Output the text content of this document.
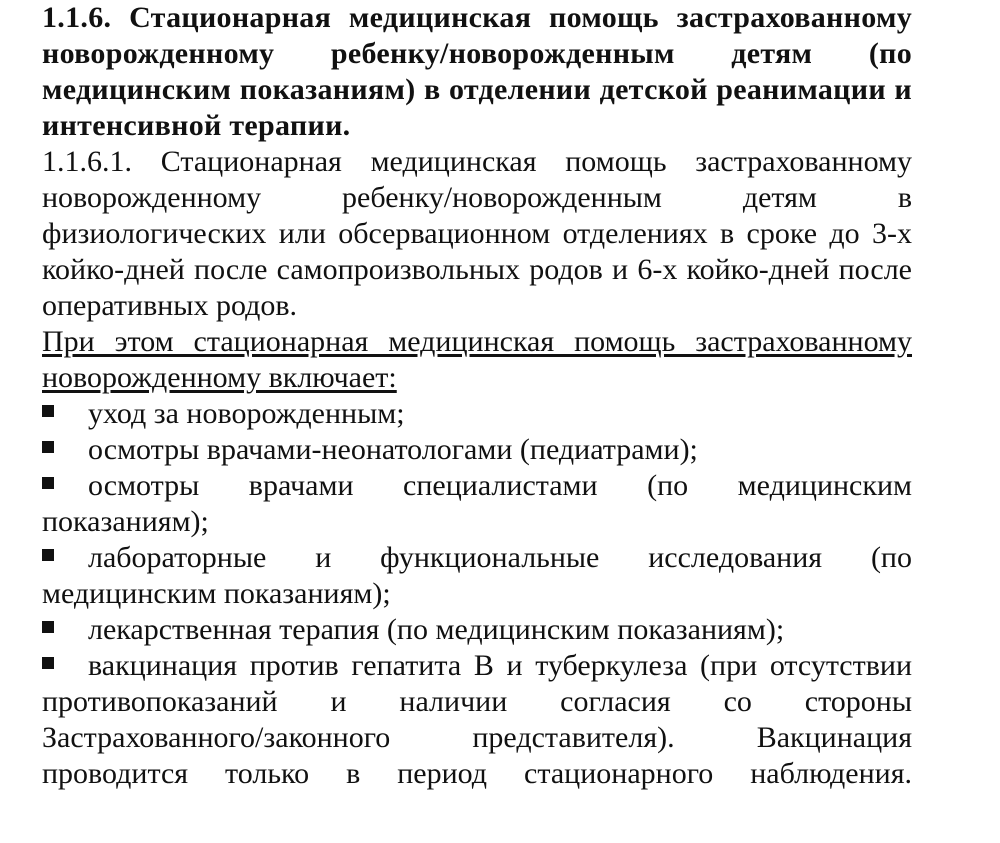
1.1.6. Стационарная медицинская помощь застрахованному новорожденному ребенку/новорожденным детям (по медицинским показаниям) в отделении детской реанимации и интенсивной терапии.

1.1.6.1. Стационарная медицинская помощь застрахованному новорожденному ребенку/новорожденным детям в физиологических или обсервационном отделениях в сроке до 3-х койко-дней после самопроизвольных родов и 6-х койко-дней после оперативных родов.

При этом стационарная медицинская помощь застрахованному новорожденному включает:

уход за новорожденным;
осмотры врачами-неонатологами (педиатрами);
осмотры врачами специалистами (по медицинским показаниям);
лабораторные и функциональные исследования (по медицинским показаниям);
лекарственная терапия (по медицинским показаниям);
вакцинация против гепатита В и туберкулеза (при отсутствии противопоказаний и наличии согласия со стороны Застрахованного/законного представителя). Вакцинация проводится только в период стационарного наблюдения.
